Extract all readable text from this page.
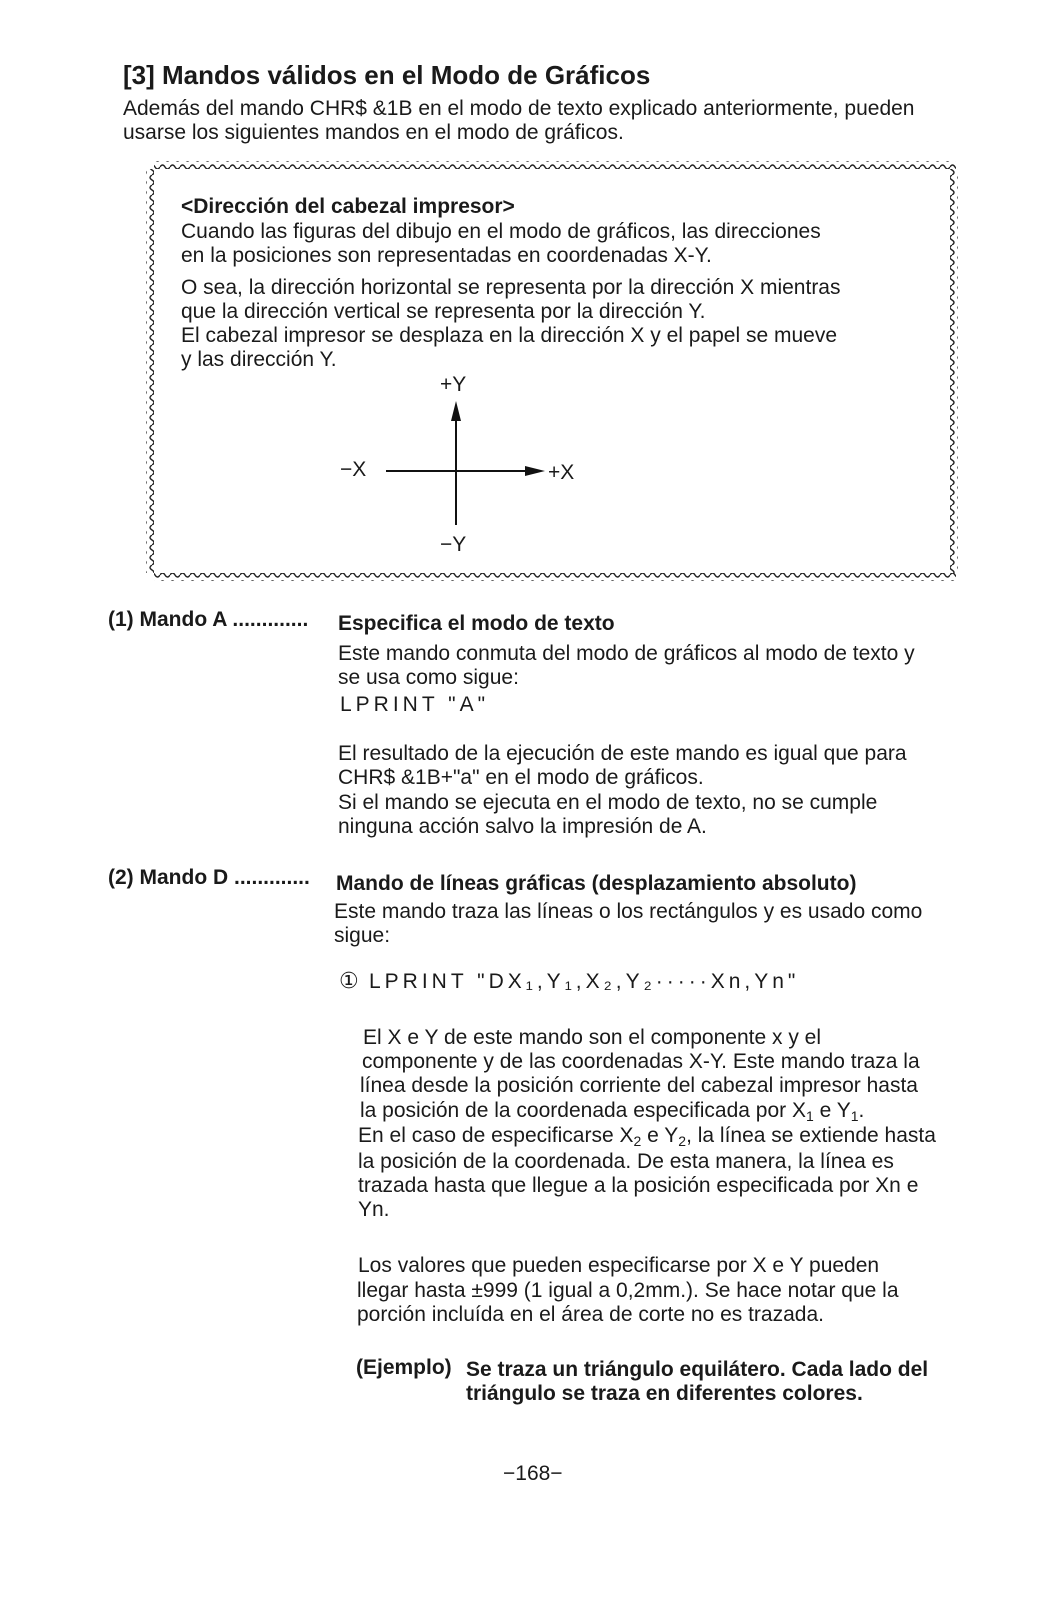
[3] Mandos válidos en el Modo de Gráficos
Además del mando CHR$ &1B en el modo de texto explicado anteriormente, pueden
usarse los siguientes mandos en el modo de gráficos.
<Dirección del cabezal impresor>
Cuando las figuras del dibujo en el modo de gráficos, las direcciones
en la posiciones son representadas en coordenadas X-Y.
O sea, la dirección horizontal se representa por la dirección X mientras
que la dirección vertical se representa por la dirección Y.
El cabezal impresor se desplaza en la dirección X y el papel se mueve
y las dirección Y.
+Y
−Y
+X
−X
(1) Mando A ............. Especifica el modo de texto
Este mando conmuta del modo de gráficos al modo de texto y
se usa como sigue:
LPRINT "A"
El resultado de la ejecución de este mando es igual que para
CHR$ &1B+"a" en el modo de gráficos.
Si el mando se ejecuta en el modo de texto, no se cumple
ninguna acción salvo la impresión de A.
(2) Mando D ............. Mando de líneas gráficas (desplazamiento absoluto)
Este mando traza las líneas o los rectángulos y es usado como
sigue:
① LPRINT "DX₁,Y₁,X₂,Y₂·····Xn,Yn"
El X e Y de este mando son el componente x y el
componente y de las coordenadas X-Y. Este mando traza la
línea desde la posición corriente del cabezal impresor hasta
la posición de la coordenada especificada por $X_1$ e $Y_1$.
En el caso de especificarse $X_2$ e $Y_2$, la línea se extiende hasta
la posición de la coordenada. De esta manera, la línea es
trazada hasta que llegue a la posición especificada por Xn e
Yn.
Los valores que pueden especificarse por X e Y pueden
llegar hasta ±999 (1 igual a 0,2mm.). Se hace notar que la
porción incluída en el área de corte no es trazada.
(Ejemplo) Se traza un triángulo equilátero. Cada lado del
triángulo se traza en diferentes colores.
−168−
